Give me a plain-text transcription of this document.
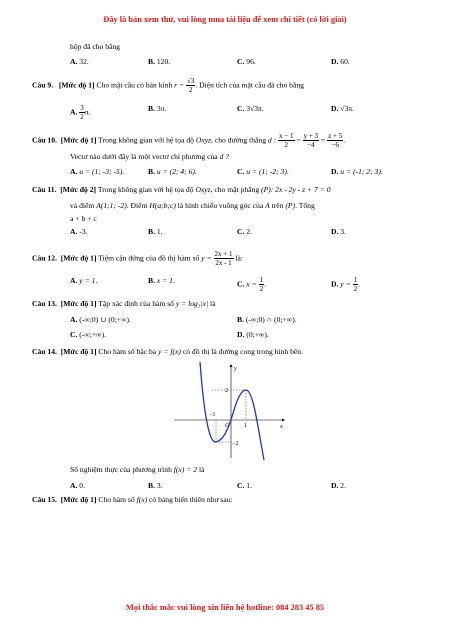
Đây là bản xem thử, vui lòng mua tài liệu để xem chi tiết (có lời giải)
hộp đã cho bằng
A. 32.	B. 120.	C. 96.	D. 60.
Câu 9. [Mức độ 1] Cho mặt cầu có bán kính $r = \frac{√3}{2}$ . Diện tích của mặt cầu đã cho bằng
A. $\frac{3}{2} \pi$.	B. 3π.	C. 3√3π.	D. √3π.
Câu 10. [Mức độ 1] Trong không gian với hệ tọa độ Oxyz, cho đường thẳng d : $\frac{x - 1}{2} = \frac{y + 3}{-4} = \frac{z + 5}{-6}$ .
Vectơ nào dưới đây là một vectơ chỉ phương của d ?
A. u = (1; -3; -5).	B. u = (2; 4; 6).	C. u = (1; -2; 3).	D. u = (-1; 2; 3).
Câu 11. [Mức độ 2] Trong không gian với hệ tọa độ Oxyz, cho mặt phẳng (P): 2x - 2y - z + 7 = 0
và điểm A(1;1; -2). Điểm H(a;b;c) là hình chiếu vuông góc của A trên (P). Tổng
a + b + c
A. -3.	B. 1.	C. 2.	D. 3.
Câu 12. [Mức độ 1] Tiệm cận đứng của đồ thị hàm số $y = \frac{2x + 1}{2x - 1}$ là:
A. y = 1.	B. x = 1.	C. $x = \frac{1}{2}$ .	D. $y = \frac{1}{2}$ .
Câu 13. [Mức độ 1] Tập xác định của hàm số y = log₃|x| là
A. (-∞;0) ∪ (0;+∞).	B. (-∞;0) ∩ (0;+∞).
C. (-∞;+∞).	D. (0;+∞).
Câu 14. [Mức độ 1] Cho hàm số bậc ba y = f(x) có đồ thị là đường cong trong hình bên.
y
x
O
2
−2
−1
1
Số nghiệm thực của phương trình f(x) = 2 là
A. 0.	B. 3.	C. 1.	D. 2.
Câu 15. [Mức độ 1] Cho hàm số f(x) có bảng biến thiên như sau:
Mọi thắc mắc vui lòng xin liên hệ hotline: 084 283 45 85
